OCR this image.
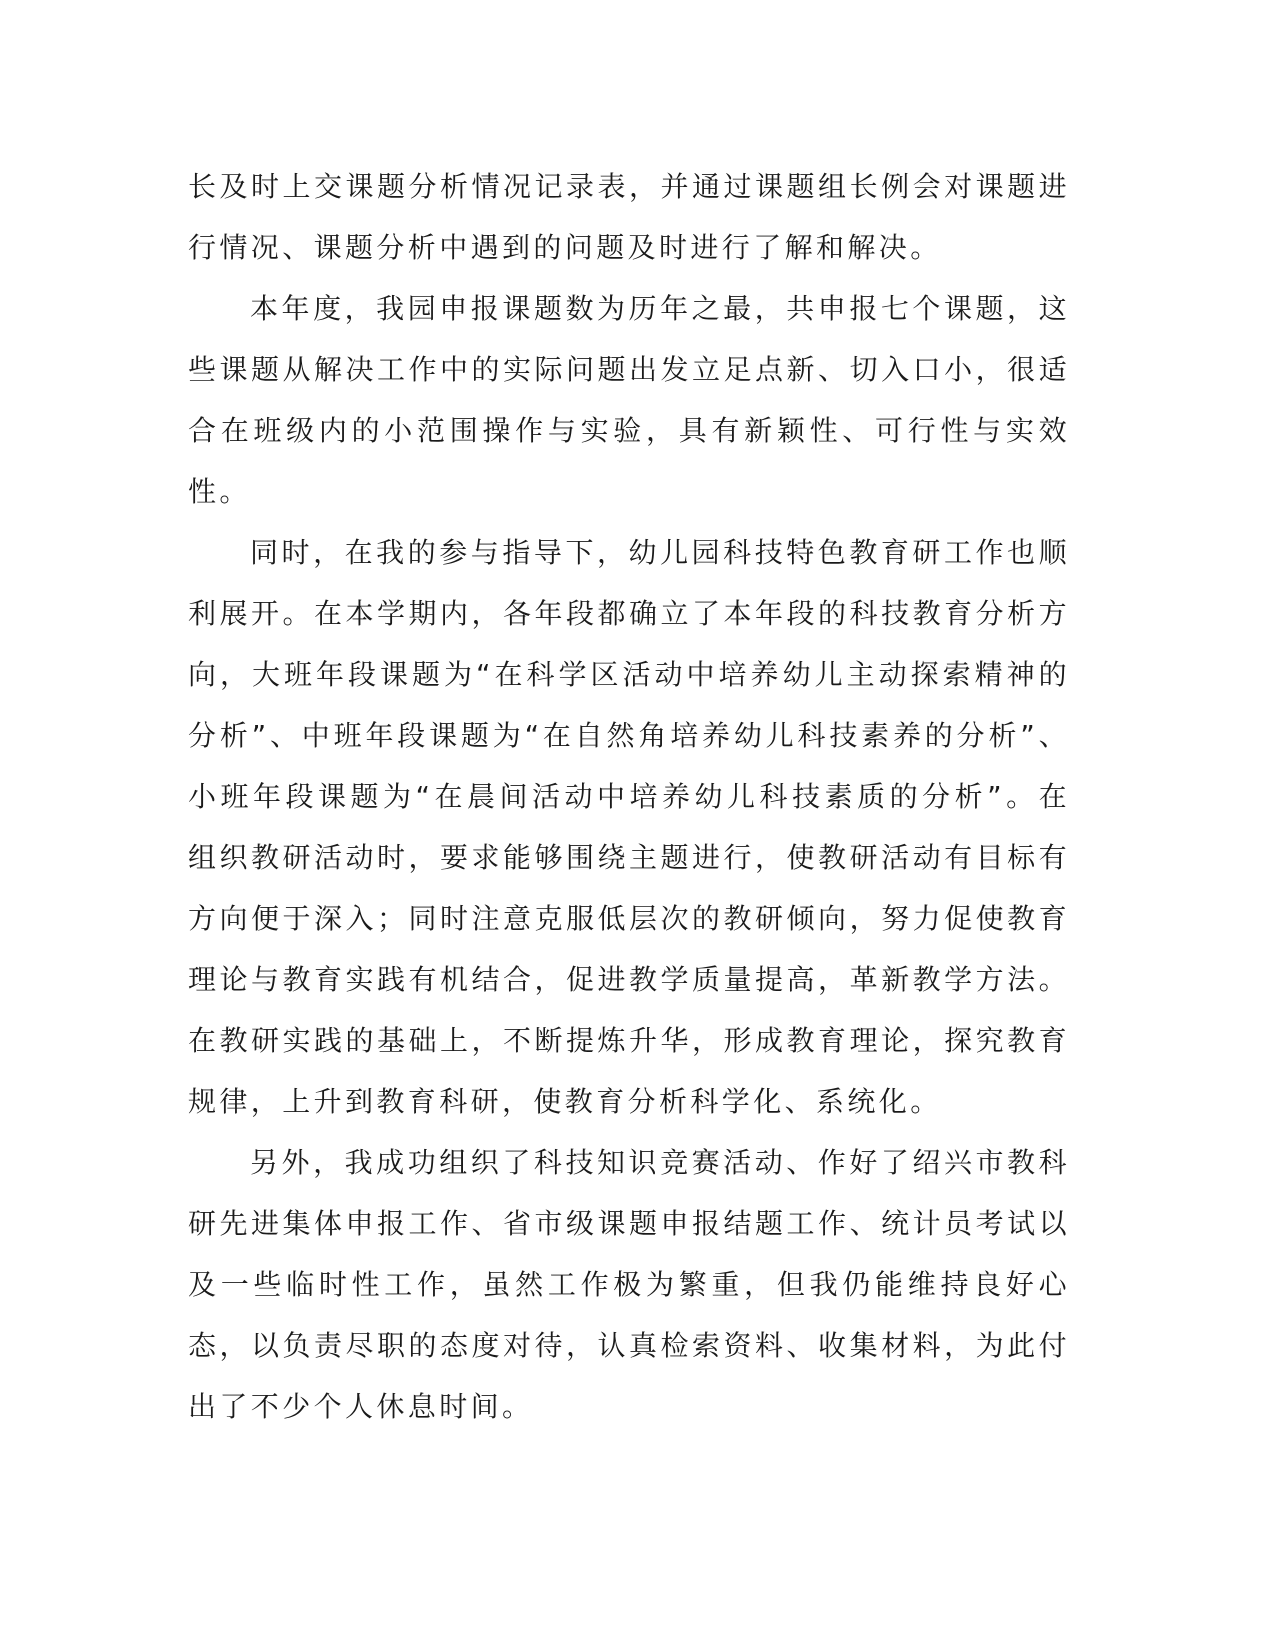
长及时上交课题分析情况记录表，并通过课题组长例会对课题进行情况、课题分析中遇到的问题及时进行了解和解决。

本年度，我园申报课题数为历年之最，共申报七个课题，这些课题从解决工作中的实际问题出发立足点新、切入口小，很适合在班级内的小范围操作与实验，具有新颖性、可行性与实效性。

同时，在我的参与指导下，幼儿园科技特色教育研工作也顺利展开。在本学期内，各年段都确立了本年段的科技教育分析方向，大班年段课题为“在科学区活动中培养幼儿主动探索精神的分析”、中班年段课题为“在自然角培养幼儿科技素养的分析”、小班年段课题为“在晨间活动中培养幼儿科技素质的分析”。在组织教研活动时，要求能够围绕主题进行，使教研活动有目标有方向便于深入；同时注意克服低层次的教研倾向，努力促使教育理论与教育实践有机结合，促进教学质量提高，革新教学方法。在教研实践的基础上，不断提炼升华，形成教育理论，探究教育规律，上升到教育科研，使教育分析科学化、系统化。

另外，我成功组织了科技知识竞赛活动、作好了绍兴市教科研先进集体申报工作、省市级课题申报结题工作、统计员考试以及一些临时性工作，虽然工作极为繁重，但我仍能维持良好心态，以负责尽职的态度对待，认真检索资料、收集材料，为此付出了不少个人休息时间。
